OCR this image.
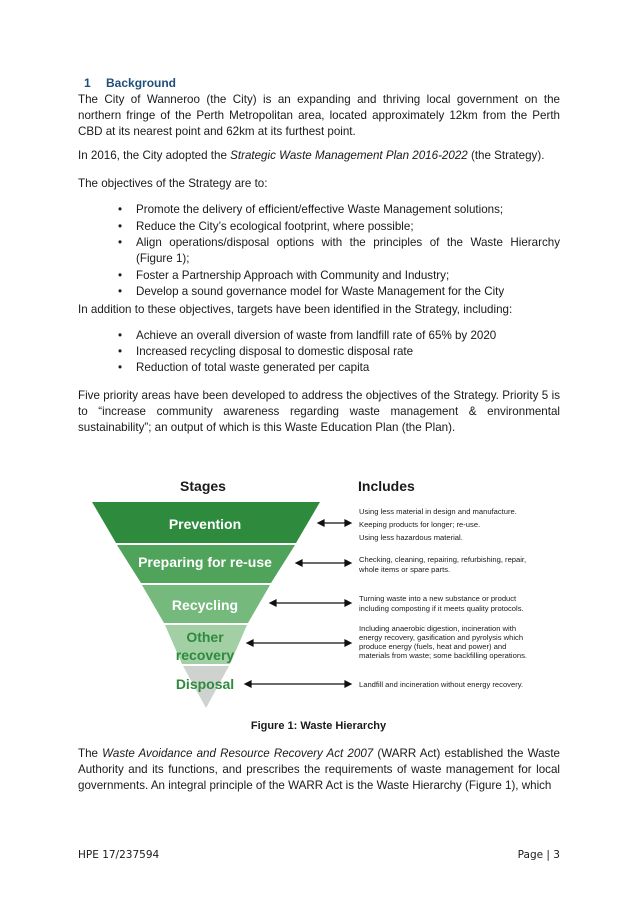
1 Background

The City of Wanneroo (the City) is an expanding and thriving local government on the northern fringe of the Perth Metropolitan area, located approximately 12km from the Perth CBD at its nearest point and 62km at its furthest point.

In 2016, the City adopted the Strategic Waste Management Plan 2016-2022 (the Strategy).

The objectives of the Strategy are to:

• Promote the delivery of efficient/effective Waste Management solutions;
• Reduce the City’s ecological footprint, where possible;
• Align operations/disposal options with the principles of the Waste Hierarchy (Figure 1);
• Foster a Partnership Approach with Community and Industry;
• Develop a sound governance model for Waste Management for the City

In addition to these objectives, targets have been identified in the Strategy, including:

• Achieve an overall diversion of waste from landfill rate of 65% by 2020
• Increased recycling disposal to domestic disposal rate
• Reduction of total waste generated per capita

Five priority areas have been developed to address the objectives of the Strategy. Priority 5 is to “increase community awareness regarding waste management & environmental sustainability”; an output of which is this Waste Education Plan (the Plan).

Stages	Includes
Prevention
Preparing for re-use
Recycling
Other
recovery
Disposal
Using less material in design and manufacture.
Keeping products for longer; re-use.
Using less hazardous material.
Checking, cleaning, repairing, refurbishing, repair,
whole items or spare parts.
Turning waste into a new substance or product
including composting if it meets quality protocols.
Including anaerobic digestion, incineration with
energy recovery, gasification and pyrolysis which
produce energy (fuels, heat and power) and
materials from waste; some backfilling operations.
Landfill and incineration without energy recovery.
Figure 1: Waste Hierarchy

The Waste Avoidance and Resource Recovery Act 2007 (WARR Act) established the Waste Authority and its functions, and prescribes the requirements of waste management for local governments. An integral principle of the WARR Act is the Waste Hierarchy (Figure 1), which

HPE 17/237594	Page | 3
